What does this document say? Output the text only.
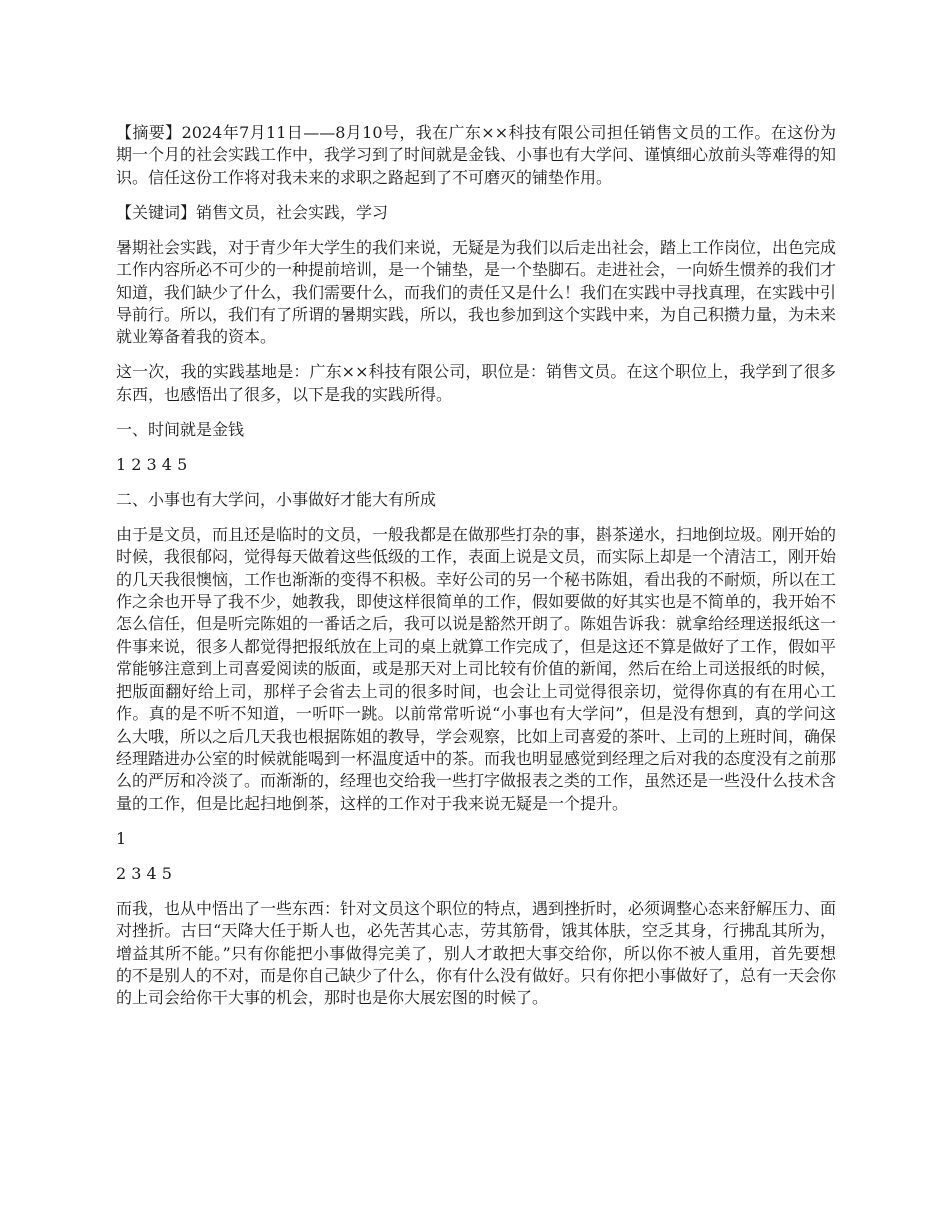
【摘要】2024年7月11日——8月10号，我在广东××科技有限公司担任销售文员的工作。在这份为期一个月的社会实践工作中，我学习到了时间就是金钱、小事也有大学问、谨慎细心放前头等难得的知识。信任这份工作将对我未来的求职之路起到了不可磨灭的铺垫作用。

【关键词】销售文员，社会实践，学习

暑期社会实践，对于青少年大学生的我们来说，无疑是为我们以后走出社会，踏上工作岗位，出色完成工作内容所必不可少的一种提前培训，是一个铺垫，是一个垫脚石。走进社会，一向娇生惯养的我们才知道，我们缺少了什么，我们需要什么，而我们的责任又是什么！我们在实践中寻找真理，在实践中引导前行。所以，我们有了所谓的暑期实践，所以，我也参加到这个实践中来，为自己积攒力量，为未来就业筹备着我的资本。

这一次，我的实践基地是：广东××科技有限公司，职位是：销售文员。在这个职位上，我学到了很多东西，也感悟出了很多，以下是我的实践所得。

一、时间就是金钱

1 2 3 4 5

二、小事也有大学问，小事做好才能大有所成

由于是文员，而且还是临时的文员，一般我都是在做那些打杂的事，斟茶递水，扫地倒垃圾。刚开始的时候，我很郁闷，觉得每天做着这些低级的工作，表面上说是文员，而实际上却是一个清洁工，刚开始的几天我很懊恼，工作也渐渐的变得不积极。幸好公司的另一个秘书陈姐，看出我的不耐烦，所以在工作之余也开导了我不少，她教我，即使这样很简单的工作，假如要做的好其实也是不简单的，我开始不怎么信任，但是听完陈姐的一番话之后，我可以说是豁然开朗了。陈姐告诉我：就拿给经理送报纸这一件事来说，很多人都觉得把报纸放在上司的桌上就算工作完成了，但是这还不算是做好了工作，假如平常能够注意到上司喜爱阅读的版面，或是那天对上司比较有价值的新闻，然后在给上司送报纸的时候，把版面翻好给上司，那样子会省去上司的很多时间，也会让上司觉得很亲切，觉得你真的有在用心工作。真的是不听不知道，一听吓一跳。以前常常听说“小事也有大学问”，但是没有想到，真的学问这么大哦，所以之后几天我也根据陈姐的教导，学会观察，比如上司喜爱的茶叶、上司的上班时间，确保经理踏进办公室的时候就能喝到一杯温度适中的茶。而我也明显感觉到经理之后对我的态度没有之前那么的严厉和冷淡了。而渐渐的，经理也交给我一些打字做报表之类的工作，虽然还是一些没什么技术含量的工作，但是比起扫地倒茶，这样的工作对于我来说无疑是一个提升。

1

2 3 4 5

而我，也从中悟出了一些东西：针对文员这个职位的特点，遇到挫折时，必须调整心态来舒解压力、面对挫折。古曰“天降大任于斯人也，必先苦其心志，劳其筋骨，饿其体肤，空乏其身，行拂乱其所为，增益其所不能。”只有你能把小事做得完美了，别人才敢把大事交给你，所以你不被人重用，首先要想的不是别人的不对，而是你自己缺少了什么，你有什么没有做好。只有你把小事做好了，总有一天会你的上司会给你干大事的机会，那时也是你大展宏图的时候了。
